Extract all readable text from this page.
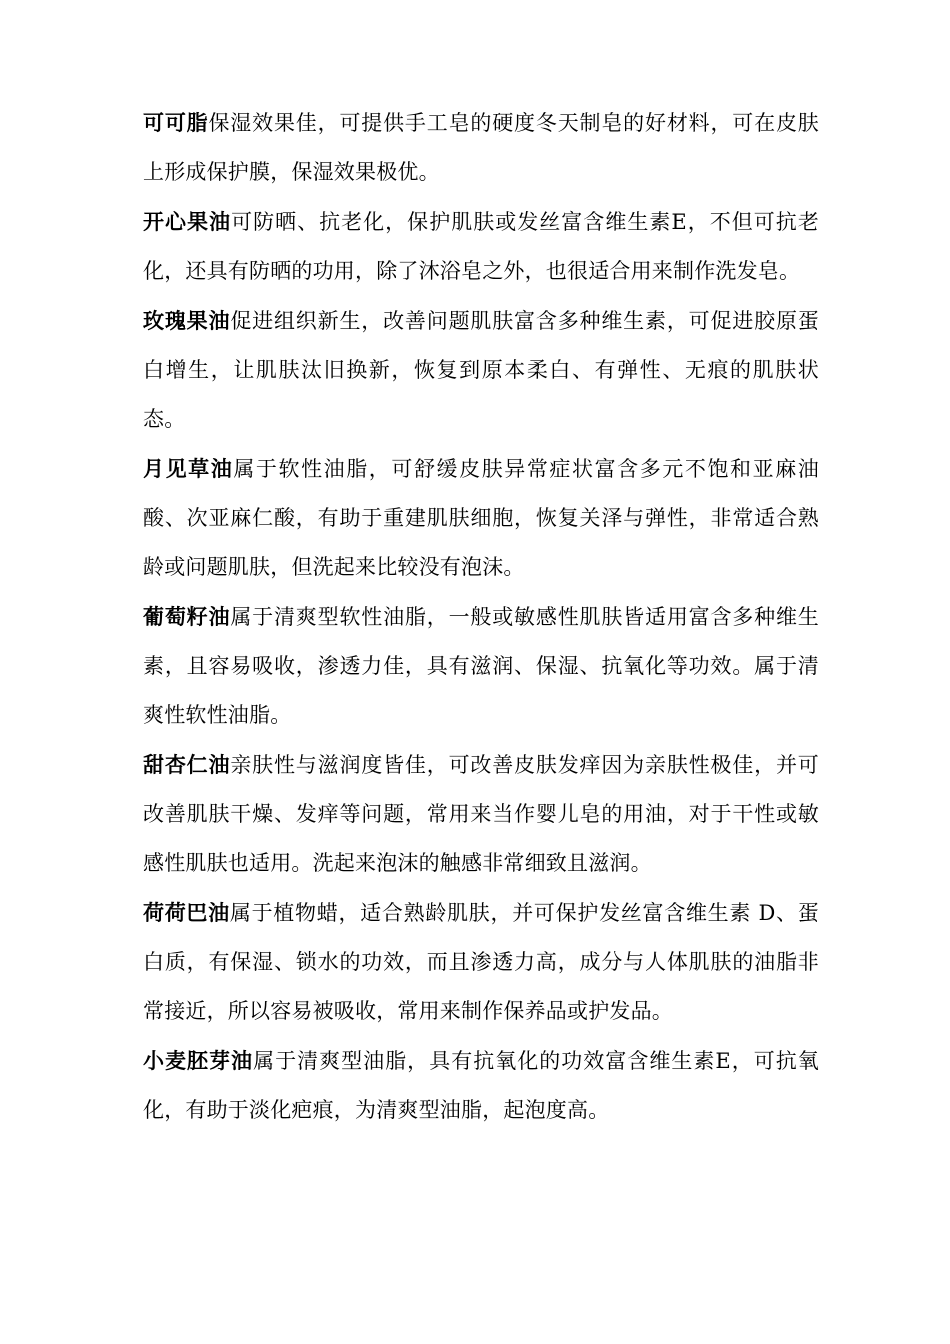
可可脂保湿效果佳，可提供手工皂的硬度冬天制皂的好材料，可在皮肤上形成保护膜，保湿效果极优。

开心果油可防晒、抗老化，保护肌肤或发丝富含维生素E，不但可抗老化，还具有防晒的功用，除了沐浴皂之外，也很适合用来制作洗发皂。

玫瑰果油促进组织新生，改善问题肌肤富含多种维生素，可促进胶原蛋白增生，让肌肤汰旧换新，恢复到原本柔白、有弹性、无痕的肌肤状态。

月见草油属于软性油脂，可舒缓皮肤异常症状富含多元不饱和亚麻油酸、次亚麻仁酸，有助于重建肌肤细胞，恢复关泽与弹性，非常适合熟龄或问题肌肤，但洗起来比较没有泡沫。

葡萄籽油属于清爽型软性油脂，一般或敏感性肌肤皆适用富含多种维生素，且容易吸收，渗透力佳，具有滋润、保湿、抗氧化等功效。属于清爽性软性油脂。

甜杏仁油亲肤性与滋润度皆佳，可改善皮肤发痒因为亲肤性极佳，并可改善肌肤干燥、发痒等问题，常用来当作婴儿皂的用油，对于干性或敏感性肌肤也适用。洗起来泡沫的触感非常细致且滋润。

荷荷巴油属于植物蜡，适合熟龄肌肤，并可保护发丝富含维生素 D、蛋白质，有保湿、锁水的功效，而且渗透力高，成分与人体肌肤的油脂非常接近，所以容易被吸收，常用来制作保养品或护发品。

小麦胚芽油属于清爽型油脂，具有抗氧化的功效富含维生素E，可抗氧化，有助于淡化疤痕，为清爽型油脂，起泡度高。
